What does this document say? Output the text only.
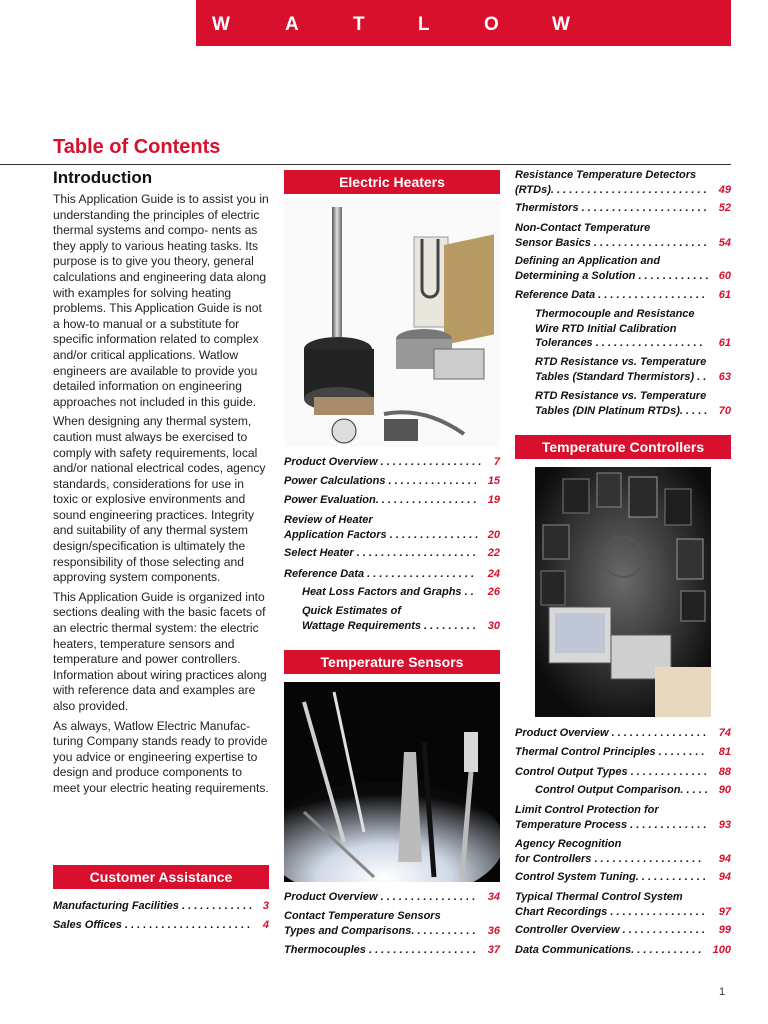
W	A	T	L	O	W
Table of Contents
Introduction

This Application Guide is to assist you in understanding the principles of electric thermal systems and compo- nents as they apply to various heating tasks. Its purpose is to give you theory, general calculations and engineering data along with examples for solving heating problems. This Application Guide is not a how-to manual or a substitute for specific information related to complex and/or critical applications. Watlow engineers are available to provide you detailed information on engineering approaches not included in this guide.

When designing any thermal system, caution must always be exercised to comply with safety requirements, local and/or national electrical codes, agency standards, considerations for use in toxic or explosive environments and sound engineering practices. Integrity and suitability of any thermal system design/specification is ultimately the responsibility of those selecting and approving system components.

This Application Guide is organized into sections dealing with the basic facets of an electric thermal system: the electric heaters, temperature sensors and temperature and power controllers. Information about wiring practices along with reference data and examples are also provided.

As always, Watlow Electric Manufac- turing Company stands ready to provide you advice or engineering expertise to design and produce components to meet your electric heating requirements.

Customer Assistance
Manufacturing Facilities . . . . . . . . . . . . 3
Sales Offices . . . . . . . . . . . . . . . . . . . . .	4
Electric Heaters
Product Overview . . . . . . . . . . . . . . . . .	7
Power Calculations . . . . . . . . . . . . . . . 15
Power Evaluation. . . . . . . . . . . . . . . . .	19
Review of Heater
Application Factors . . . . . . . . . . . . . . . 20
Select Heater . . . . . . . . . . . . . . . . . . . .	22
Reference Data . . . . . . . . . . . . . . . . . .	24
Heat Loss Factors and Graphs . .	26
Quick Estimates of
Wattage Requirements . . . . . . . . .	30
Temperature Sensors
Product Overview . . . . . . . . . . . . . . . .	34
Contact Temperature Sensors
Types and Comparisons. . . . . . . . . . .	36
Thermocouples . . . . . . . . . . . . . . . . . .	37
Resistance Temperature Detectors
(RTDs). . . . . . . . . . . . . . . . . . . . . . . . . .	49
Thermistors . . . . . . . . . . . . . . . . . . . . .	52
Non-Contact Temperature
Sensor Basics . . . . . . . . . . . . . . . . . . .	54
Defining an Application and
Determining a Solution . . . . . . . . . . . . 60
Reference Data . . . . . . . . . . . . . . . . . .	61
Thermocouple and Resistance
Wire RTD Initial Calibration
Tolerances . . . . . . . . . . . . . . . . . .	61
RTD Resistance vs. Temperature
Tables (Standard Thermistors) . .	63
RTD Resistance vs. Temperature
Tables (DIN Platinum RTDs). . . . .	70
Temperature Controllers
Product Overview . . . . . . . . . . . . . . . .	74
Thermal Control Principles . . . . . . . .	81
Control Output Types . . . . . . . . . . . . .	88
Control Output Comparison. . . . . 90
Limit Control Protection for
Temperature Process . . . . . . . . . . . . .	93
Agency Recognition
for Controllers . . . . . . . . . . . . . . . . . .	94
Control System Tuning. . . . . . . . . . . .	94
Typical Thermal Control System
Chart Recordings . . . . . . . . . . . . . . . .	97
Controller Overview . . . . . . . . . . . . . .	99
Data Communications. . . . . . . . . . . .	100
1
